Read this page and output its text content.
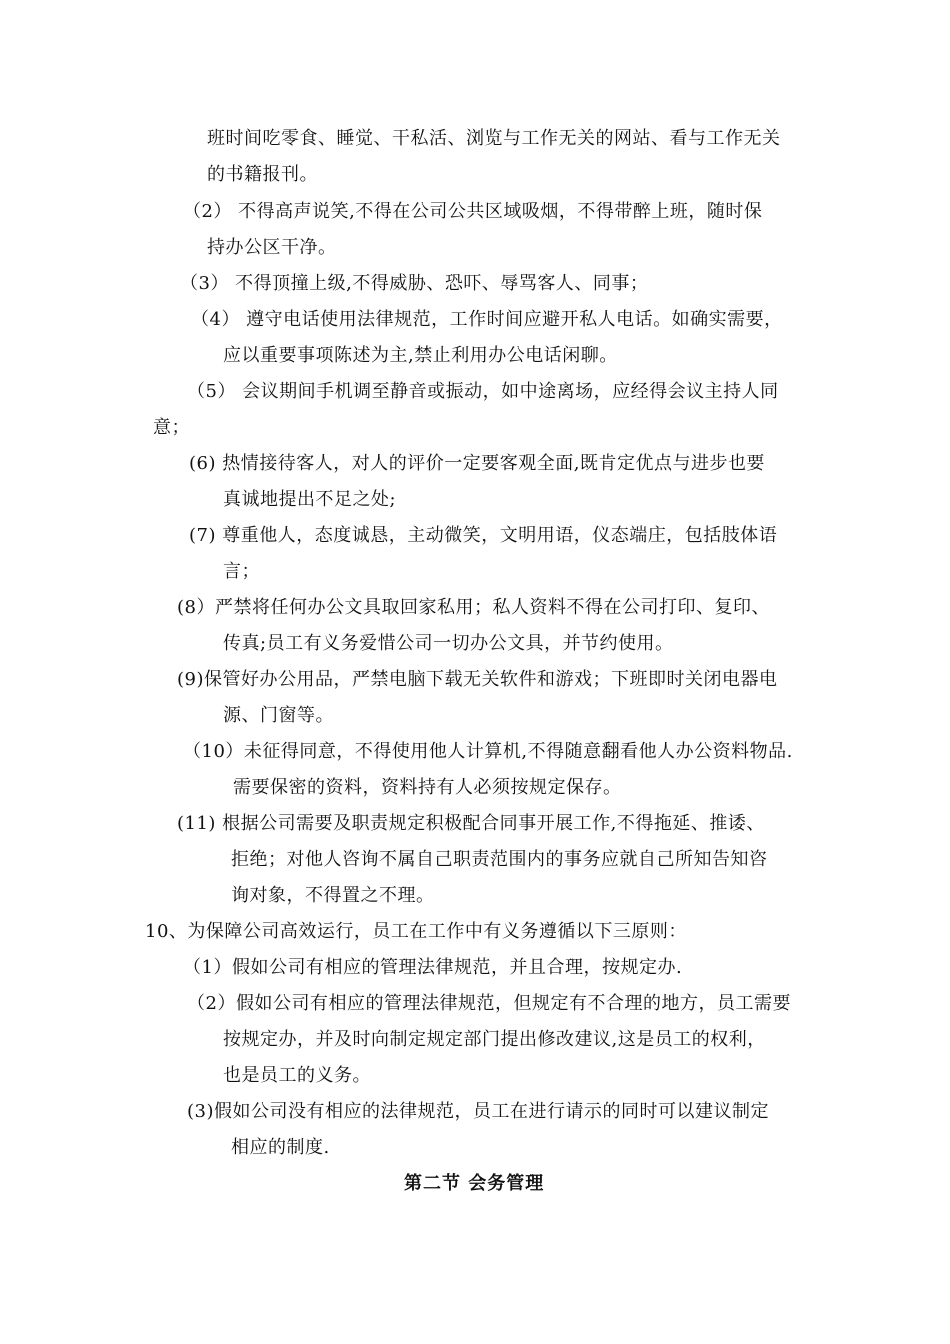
班时间吃零食、睡觉、干私活、浏览与工作无关的网站、看与工作无关
的书籍报刊。
（2） 不得高声说笑,不得在公司公共区域吸烟，不得带醉上班，随时保
持办公区干净。
（3） 不得顶撞上级,不得威胁、恐吓、辱骂客人、同事；
（4） 遵守电话使用法律规范，工作时间应避开私人电话。如确实需要，
应以重要事项陈述为主,禁止利用办公电话闲聊。
（5） 会议期间手机调至静音或振动，如中途离场，应经得会议主持人同
意；
(6) 热情接待客人，对人的评价一定要客观全面,既肯定优点与进步也要
真诚地提出不足之处;
(7) 尊重他人，态度诚恳，主动微笑，文明用语，仪态端庄，包括肢体语
言；
(8）严禁将任何办公文具取回家私用；私人资料不得在公司打印、复印、
传真;员工有义务爱惜公司一切办公文具，并节约使用。
(9)保管好办公用品，严禁电脑下载无关软件和游戏；下班即时关闭电器电
源、门窗等。
（10）未征得同意，不得使用他人计算机,不得随意翻看他人办公资料物品.
需要保密的资料，资料持有人必须按规定保存。
(11) 根据公司需要及职责规定积极配合同事开展工作,不得拖延、推诿、
拒绝；对他人咨询不属自己职责范围内的事务应就自己所知告知咨
询对象，不得置之不理。
10、为保障公司高效运行，员工在工作中有义务遵循以下三原则：
（1）假如公司有相应的管理法律规范，并且合理，按规定办.
（2）假如公司有相应的管理法律规范，但规定有不合理的地方，员工需要
按规定办，并及时向制定规定部门提出修改建议,这是员工的权利，
也是员工的义务。
(3)假如公司没有相应的法律规范，员工在进行请示的同时可以建议制定
相应的制度.
第二节 会务管理
